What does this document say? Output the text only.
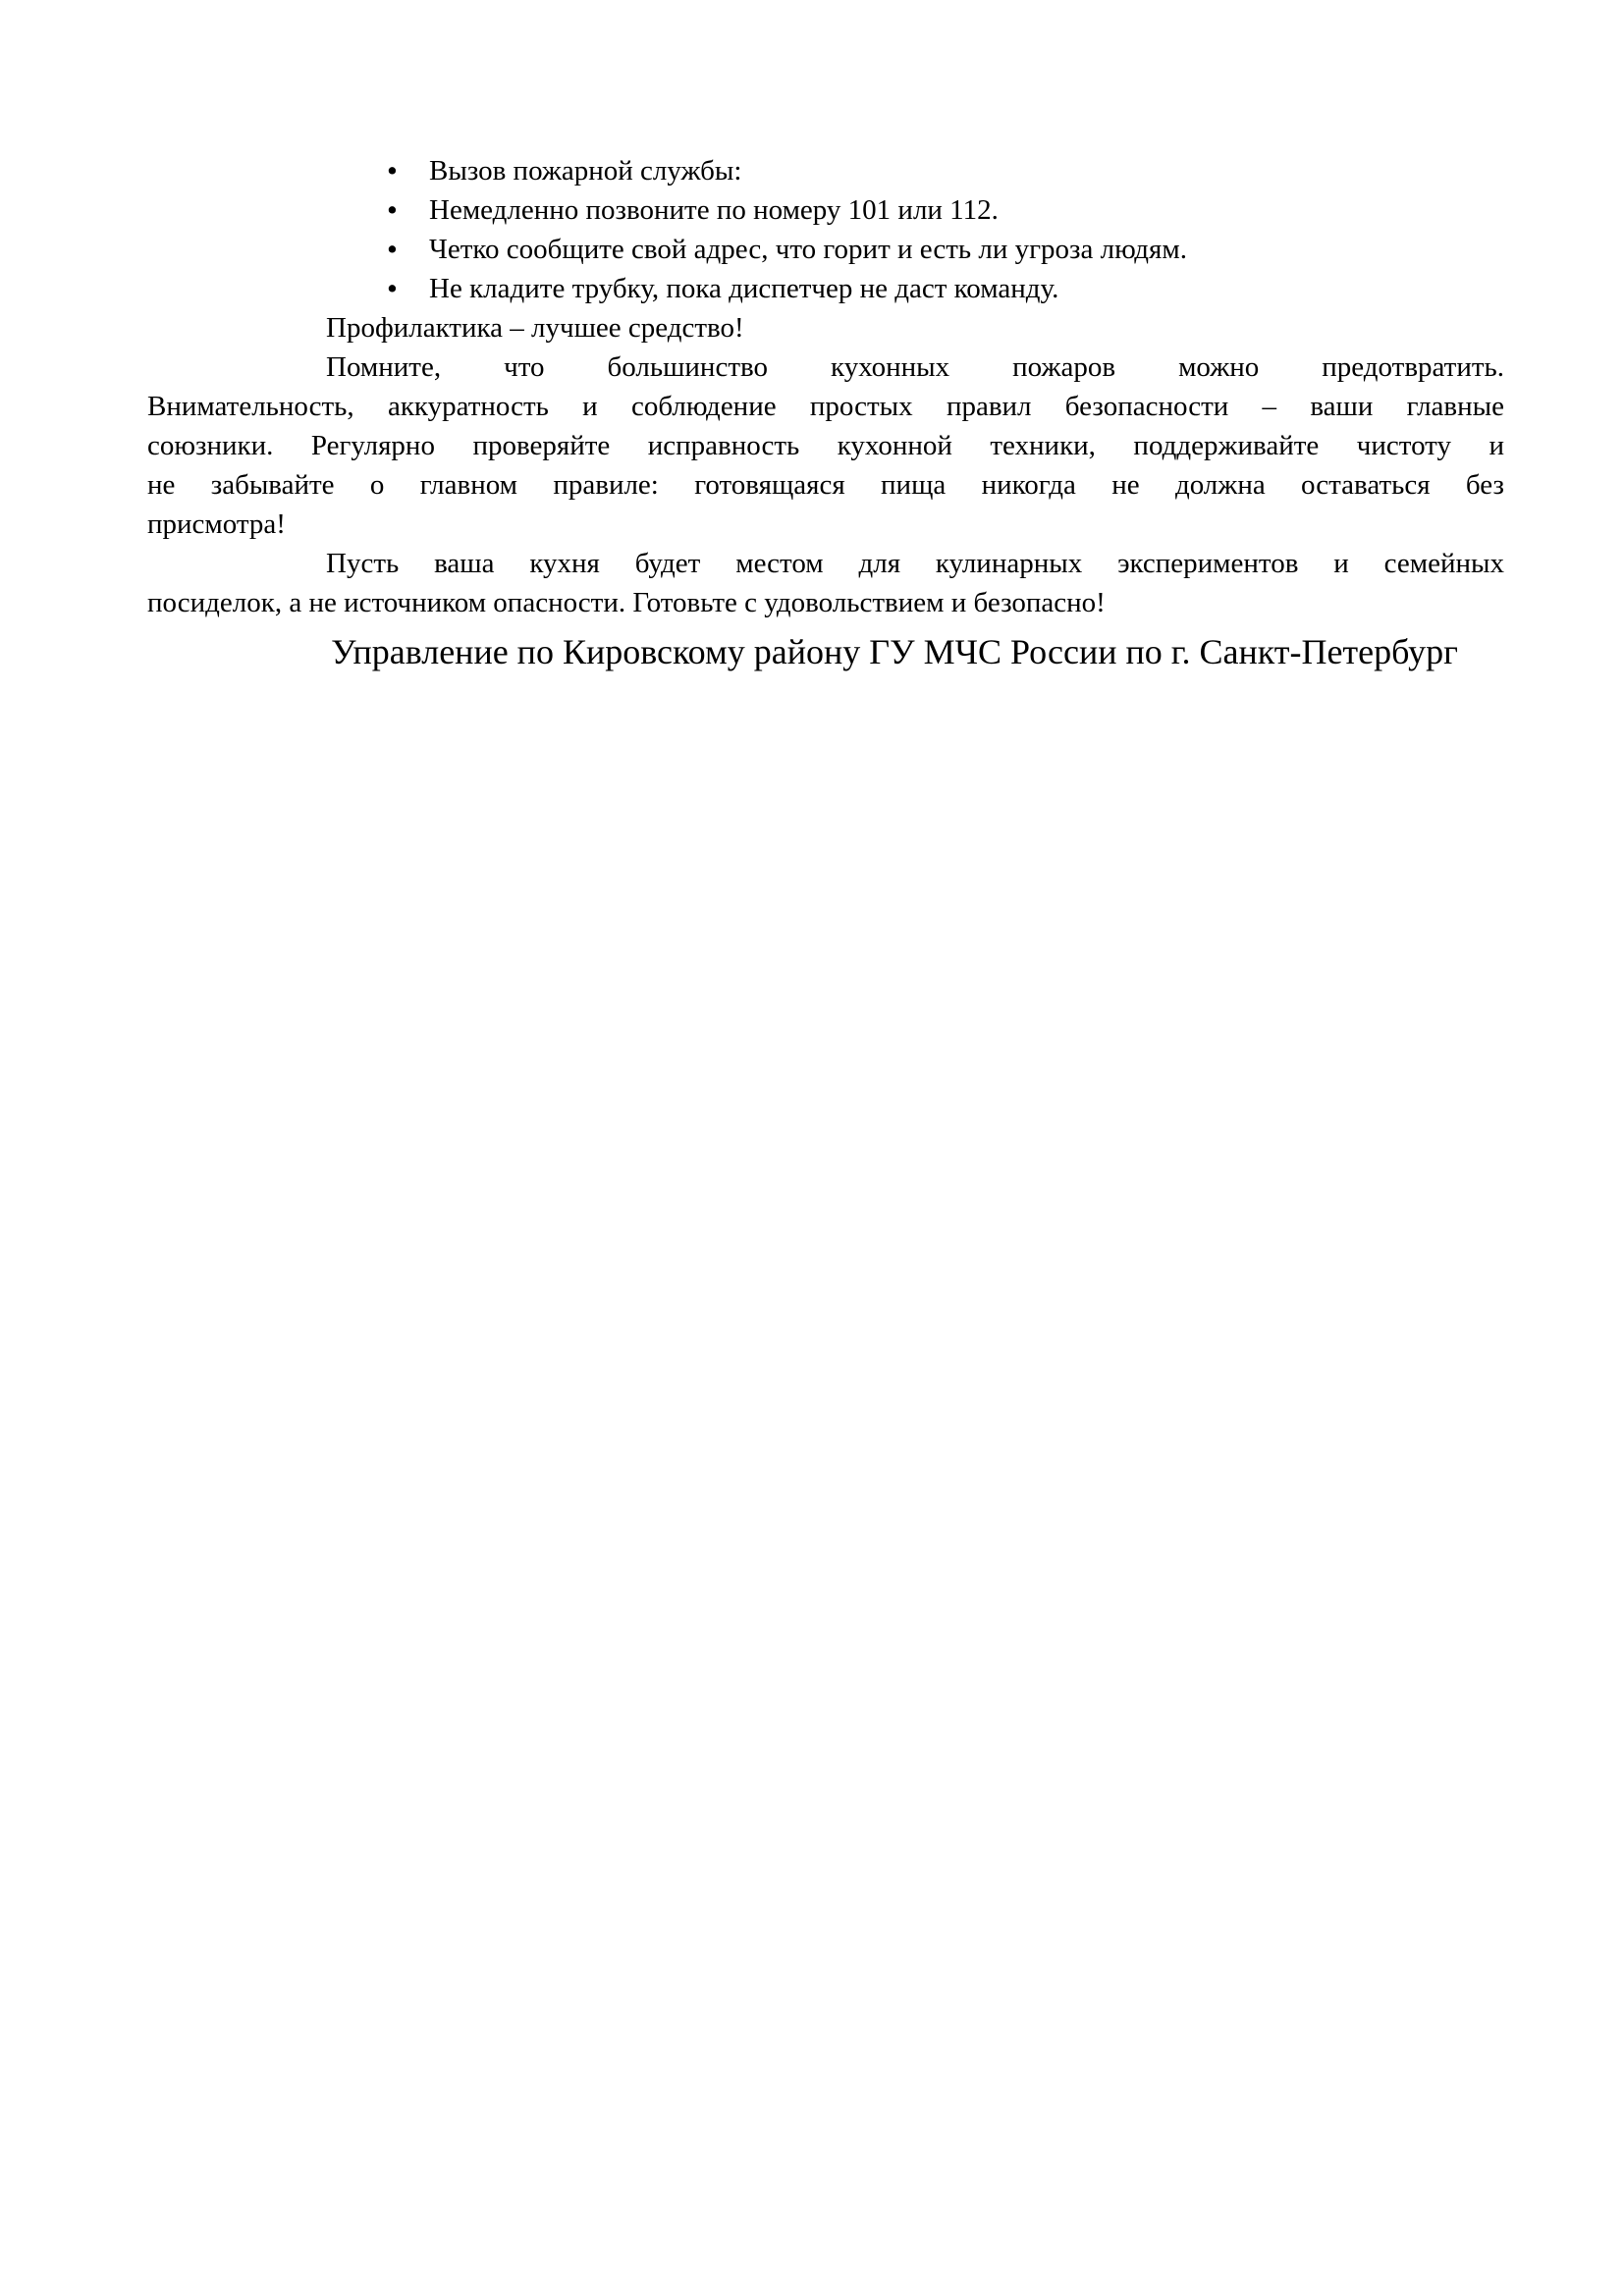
• Вызов пожарной службы:
• Немедленно позвоните по номеру 101 или 112.
• Четко сообщите свой адрес, что горит и есть ли угроза людям.
• Не кладите трубку, пока диспетчер не даст команду.
Профилактика – лучшее средство!
Помните, что большинство кухонных пожаров можно предотвратить.
Внимательность, аккуратность и соблюдение простых правил безопасности – ваши главные
союзники. Регулярно проверяйте исправность кухонной техники, поддерживайте чистоту и
не забывайте о главном правиле: готовящаяся пища никогда не должна оставаться без
присмотра!
Пусть ваша кухня будет местом для кулинарных экспериментов и семейных
посиделок, а не источником опасности. Готовьте с удовольствием и безопасно!
Управление по Кировскому району ГУ МЧС России по г. Санкт-Петербург
